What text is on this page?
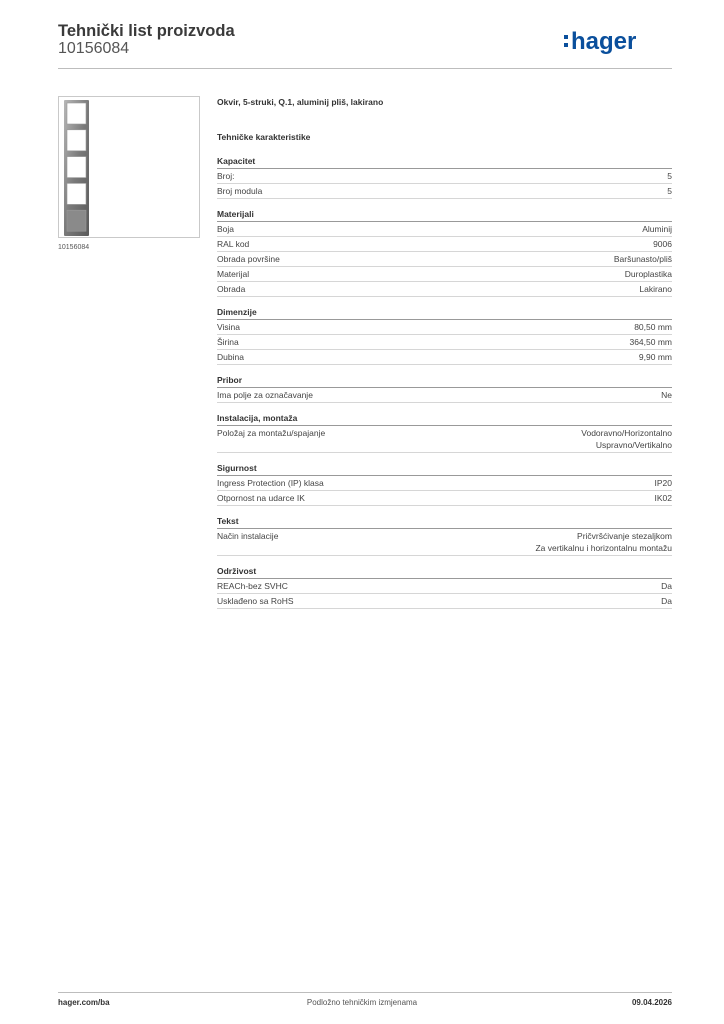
Tehnički list proizvoda
10156084	hager
10156084
Okvir, 5-struki, Q.1, aluminij pliš, lakirano
Tehničke karakteristike
Kapacitet
Broj:	5
Broj modula	5
Materijali
Boja	Aluminij
RAL kod	9006
Obrada površine	Baršunasto/pliš
Materijal	Duroplastika
Obrada	Lakirano
Dimenzije
Visina	80,50 mm
Širina	364,50 mm
Dubina	9,90 mm
Pribor
Ima polje za označavanje	Ne
Instalacija, montaža
Položaj za montažu/spajanje	Vodoravno/Horizontalno
Uspravno/Vertikalno
Sigurnost
Ingress Protection (IP) klasa	IP20
Otpornost na udarce IK	IK02
Tekst
Način instalacije	Pričvršćivanje stezaljkom
Za vertikalnu i horizontalnu montažu
Održivost
REACh-bez SVHC	Da
Usklađeno sa RoHS	Da
hager.com/ba	Podložno tehničkim izmjenama	09.04.2026
